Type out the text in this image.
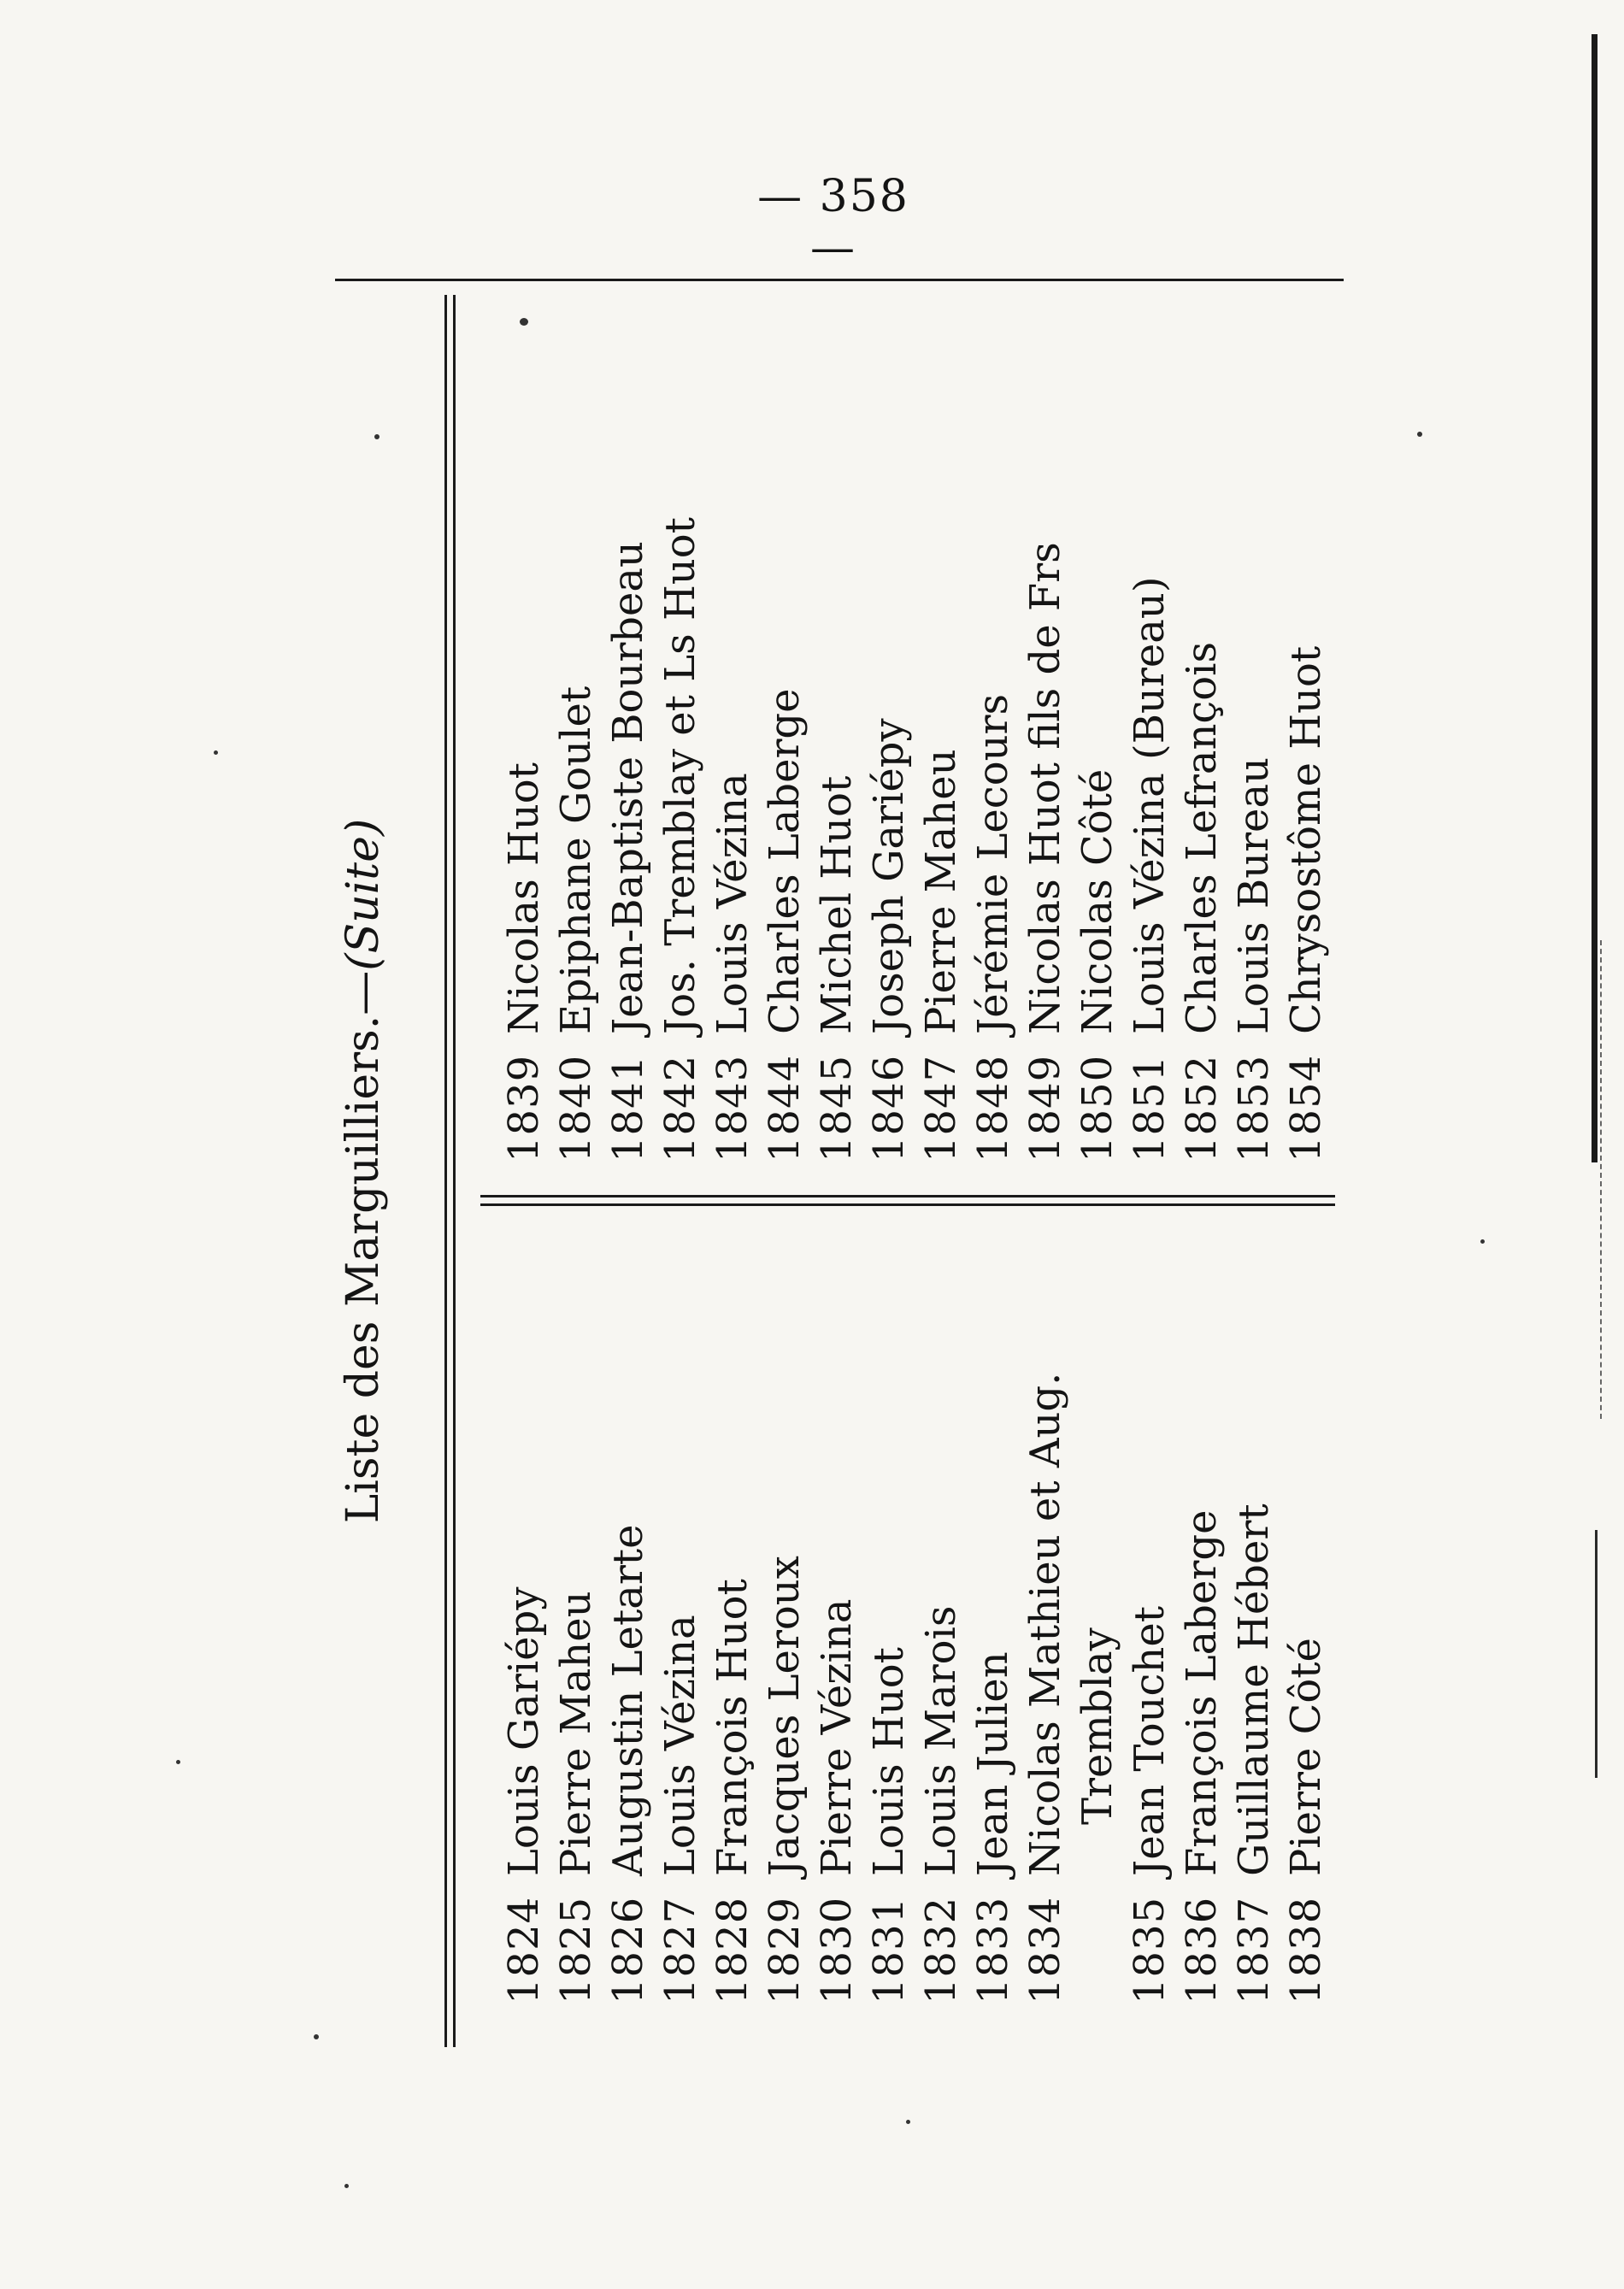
— 358 —
Liste des Marguilliers.—(Suite)
1824
Louis Gariépy
1825
Pierre Maheu
1826
Augustin Letarte
1827
Louis Vézina
1828
François Huot
1829
Jacques Leroux
1830
Pierre Vézina
1831
Louis Huot
1832
Louis Marois
1833
Jean Julien
1834
Nicolas Mathieu et Aug. Tremblay
1835
Jean Touchet
1836
François Laberge
1837
Guillaume Hébert
1838
Pierre Côté
1839
Nicolas Huot
1840
Epiphane Goulet
1841
Jean-Baptiste Bourbeau
1842
Jos. Tremblay et Ls Huot
1843
Louis Vézina
1844
Charles Laberge
1845
Michel Huot
1846
Joseph Gariépy
1847
Pierre Maheu
1848
Jérémie Lecours
1849
Nicolas Huot fils de Frs
1850
Nicolas Côté
1851
Louis Vézina (Bureau)
1852
Charles Lefrançois
1853
Louis Bureau
1854
Chrysostôme Huot
